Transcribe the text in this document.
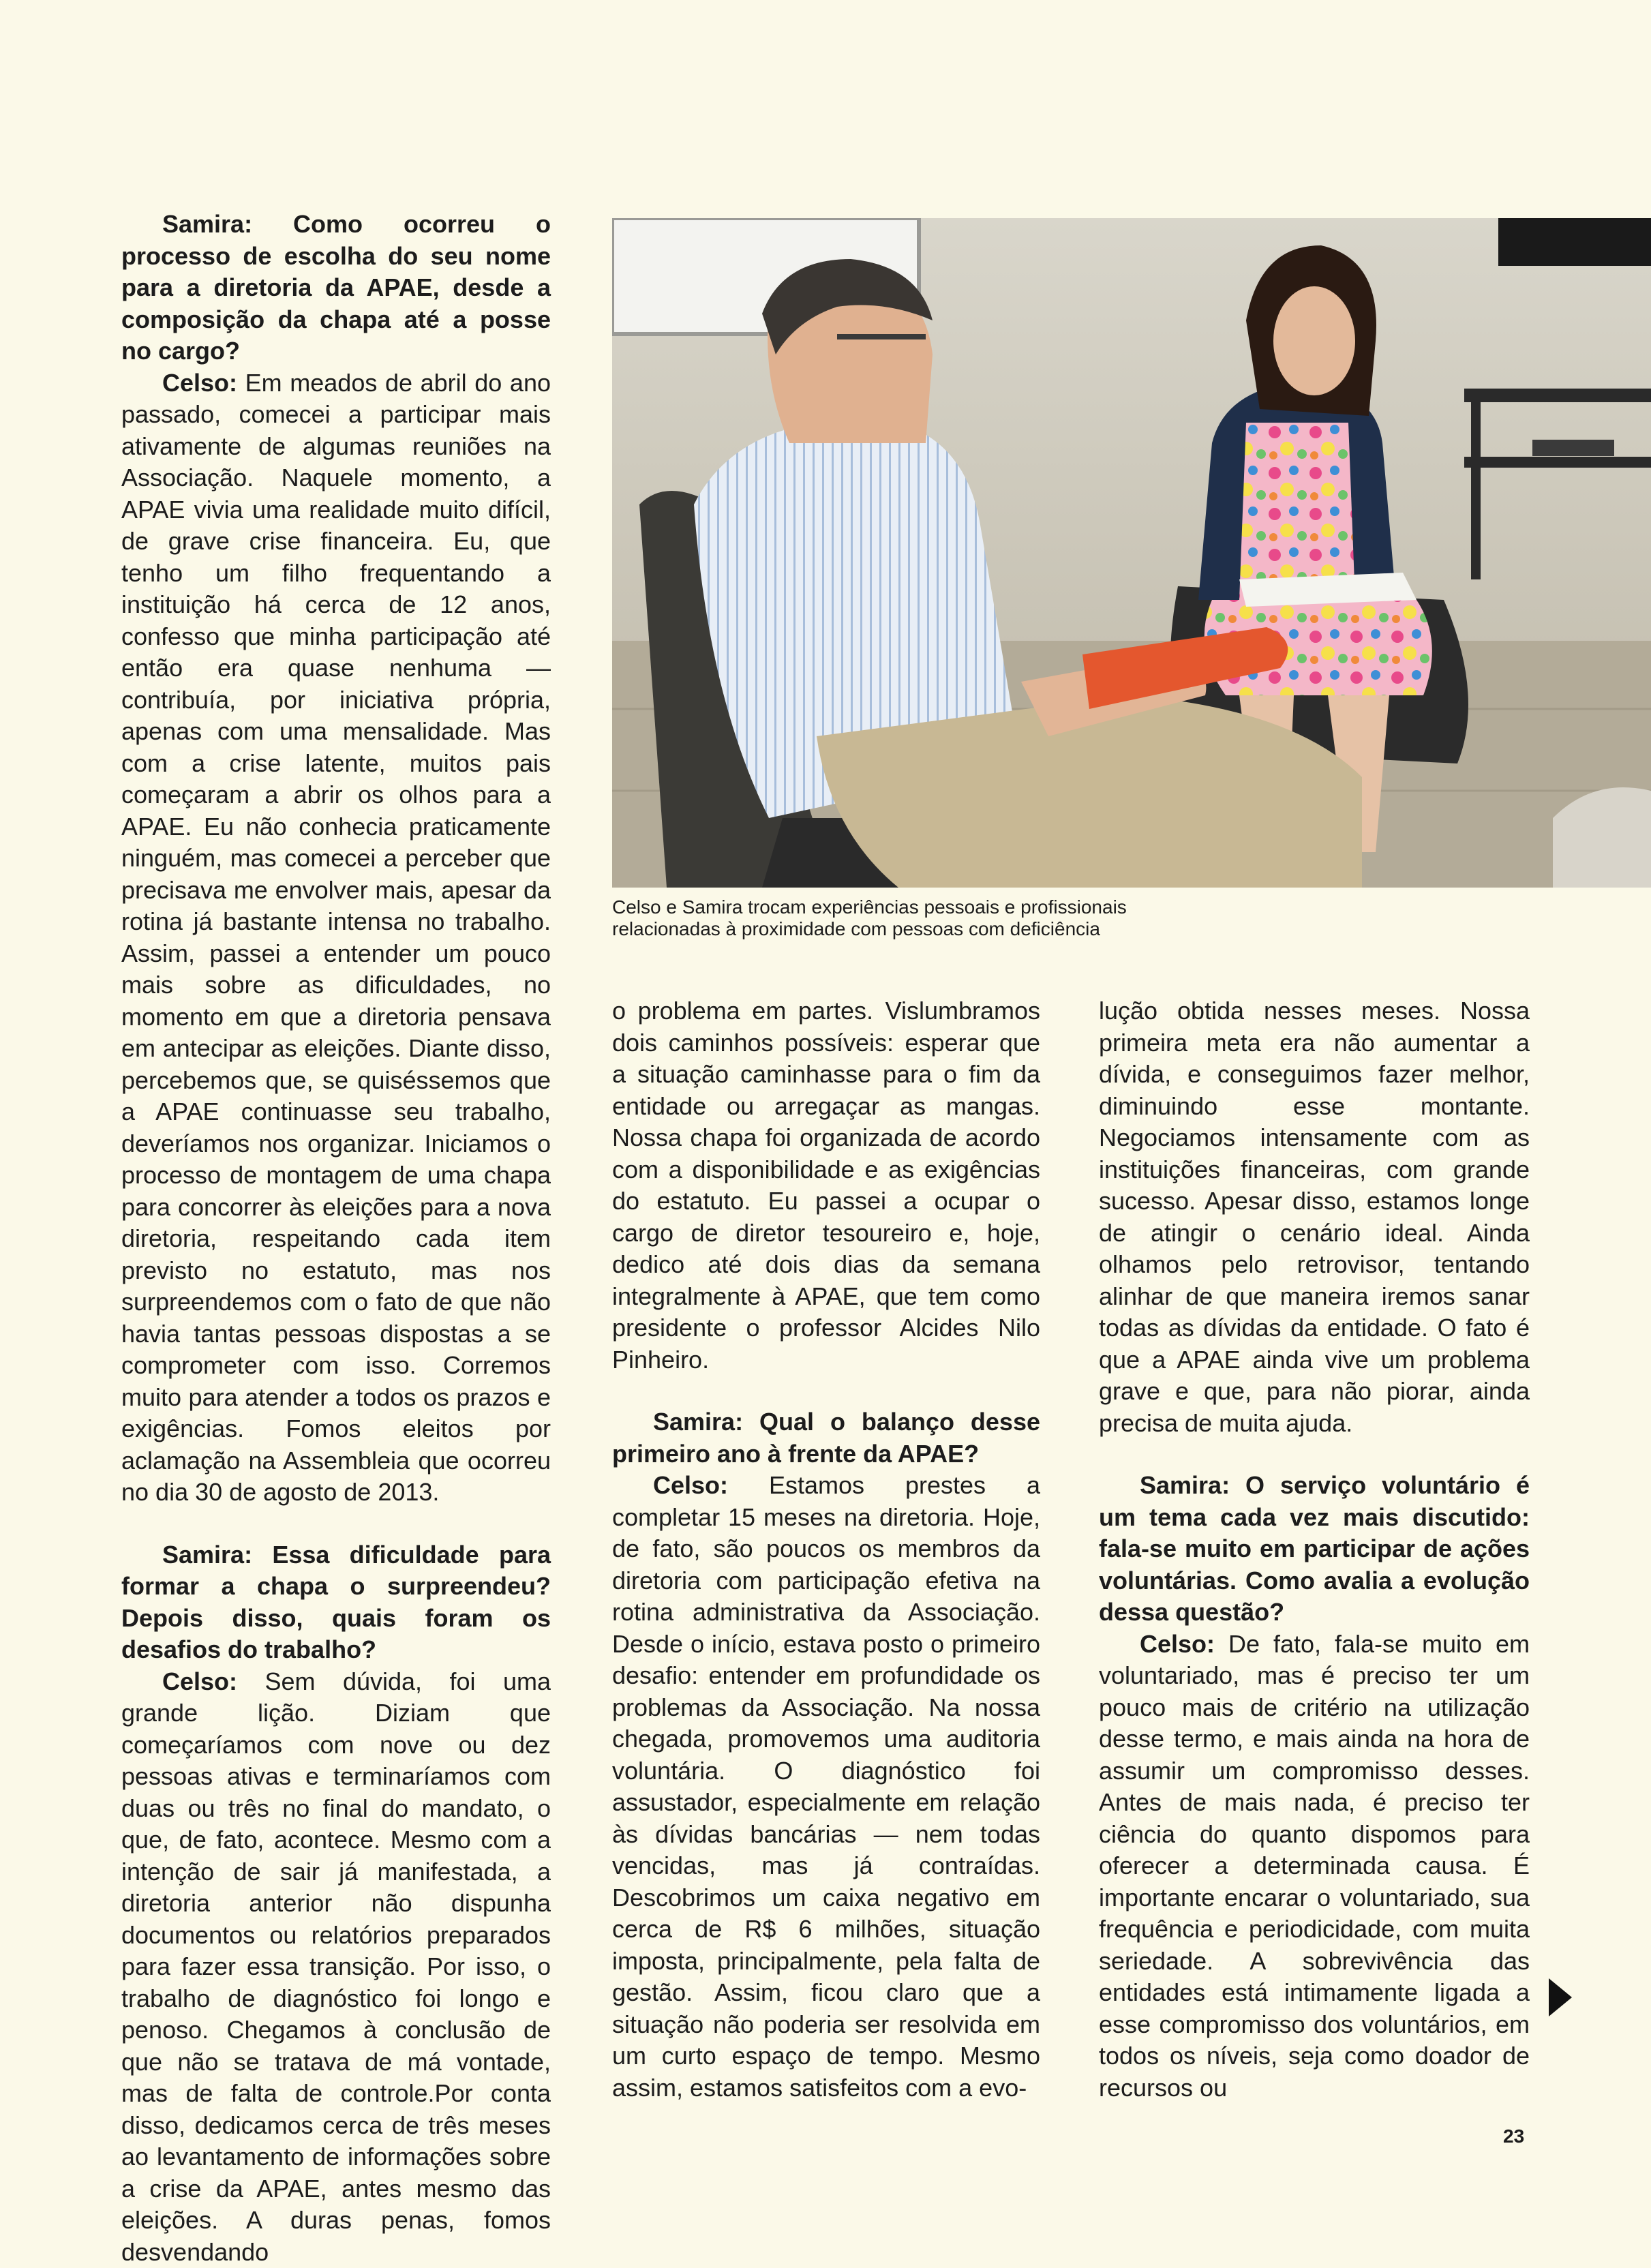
Samira: Como ocorreu o processo de escolha do seu nome para a diretoria da APAE, desde a composição da chapa até a posse no cargo?

Celso: Em meados de abril do ano passado, comecei a participar mais ativamente de algumas reuniões na Associação. Naquele momento, a APAE vivia uma realidade muito difícil, de grave crise financeira. Eu, que tenho um filho frequentando a instituição há cerca de 12 anos, confesso que minha participação até então era quase nenhuma — contribuía, por iniciativa própria, apenas com uma mensalidade. Mas com a crise latente, muitos pais começaram a abrir os olhos para a APAE. Eu não conhecia praticamente ninguém, mas comecei a perceber que precisava me envolver mais, apesar da rotina já bastante intensa no trabalho. Assim, passei a entender um pouco mais sobre as dificuldades, no momento em que a diretoria pensava em antecipar as eleições. Diante disso, percebemos que, se quiséssemos que a APAE continuasse seu trabalho, deveríamos nos organizar. Iniciamos o processo de montagem de uma chapa para concorrer às eleições para a nova diretoria, respeitando cada item previsto no estatuto, mas nos surpreendemos com o fato de que não havia tantas pessoas dispostas a se comprometer com isso. Corremos muito para atender a todos os prazos e exigências. Fomos eleitos por aclamação na Assembleia que ocorreu no dia 30 de agosto de 2013.

Samira: Essa dificuldade para formar a chapa o surpreendeu? Depois disso, quais foram os desafios do trabalho?

Celso: Sem dúvida, foi uma grande lição. Diziam que começaríamos com nove ou dez pessoas ativas e terminaríamos com duas ou três no final do mandato, o que, de fato, acontece. Mesmo com a intenção de sair já manifestada, a diretoria anterior não dispunha documentos ou relatórios preparados para fazer essa transição. Por isso, o trabalho de diagnóstico foi longo e penoso. Chegamos à conclusão de que não se tratava de má vontade, mas de falta de controle.Por conta disso, dedicamos cerca de três meses ao levantamento de informações sobre a crise da APAE, antes mesmo das eleições. A duras penas, fomos desvendando

Celso e Samira trocam experiências pessoais e profissionais
relacionadas à proximidade com pessoas com deficiência

o problema em partes. Vislumbramos dois caminhos possíveis: esperar que a situação caminhasse para o fim da entidade ou arregaçar as mangas. Nossa chapa foi organizada de acordo com a disponibilidade e as exigências do estatuto. Eu passei a ocupar o cargo de diretor tesoureiro e, hoje, dedico até dois dias da semana integralmente à APAE, que tem como presidente o professor Alcides Nilo Pinheiro.

Samira: Qual o balanço desse primeiro ano à frente da APAE?

Celso: Estamos prestes a completar 15 meses na diretoria. Hoje, de fato, são poucos os membros da diretoria com participação efetiva na rotina administrativa da Associação. Desde o início, estava posto o primeiro desafio: entender em profundidade os problemas da Associação. Na nossa chegada, promovemos uma auditoria voluntária. O diagnóstico foi assustador, especialmente em relação às dívidas bancárias — nem todas vencidas, mas já contraídas. Descobrimos um caixa negativo em cerca de R$ 6 milhões, situação imposta, principalmente, pela falta de gestão. Assim, ficou claro que a situação não poderia ser resolvida em um curto espaço de tempo. Mesmo assim, estamos satisfeitos com a evo-

lução obtida nesses meses. Nossa primeira meta era não aumentar a dívida, e conseguimos fazer melhor, diminuindo esse montante. Negociamos intensamente com as instituições financeiras, com grande sucesso. Apesar disso, estamos longe de atingir o cenário ideal. Ainda olhamos pelo retrovisor, tentando alinhar de que maneira iremos sanar todas as dívidas da entidade. O fato é que a APAE ainda vive um problema grave e que, para não piorar, ainda precisa de muita ajuda.

Samira: O serviço voluntário é um tema cada vez mais discutido: fala-se muito em participar de ações voluntárias. Como avalia a evolução dessa questão?

Celso: De fato, fala-se muito em voluntariado, mas é preciso ter um pouco mais de critério na utilização desse termo, e mais ainda na hora de assumir um compromisso desses. Antes de mais nada, é preciso ter ciência do quanto dispomos para oferecer a determinada causa. É importante encarar o voluntariado, sua frequência e periodicidade, com muita seriedade. A sobrevivência das entidades está intimamente ligada a esse compromisso dos voluntários, em todos os níveis, seja como doador de recursos ou

23
